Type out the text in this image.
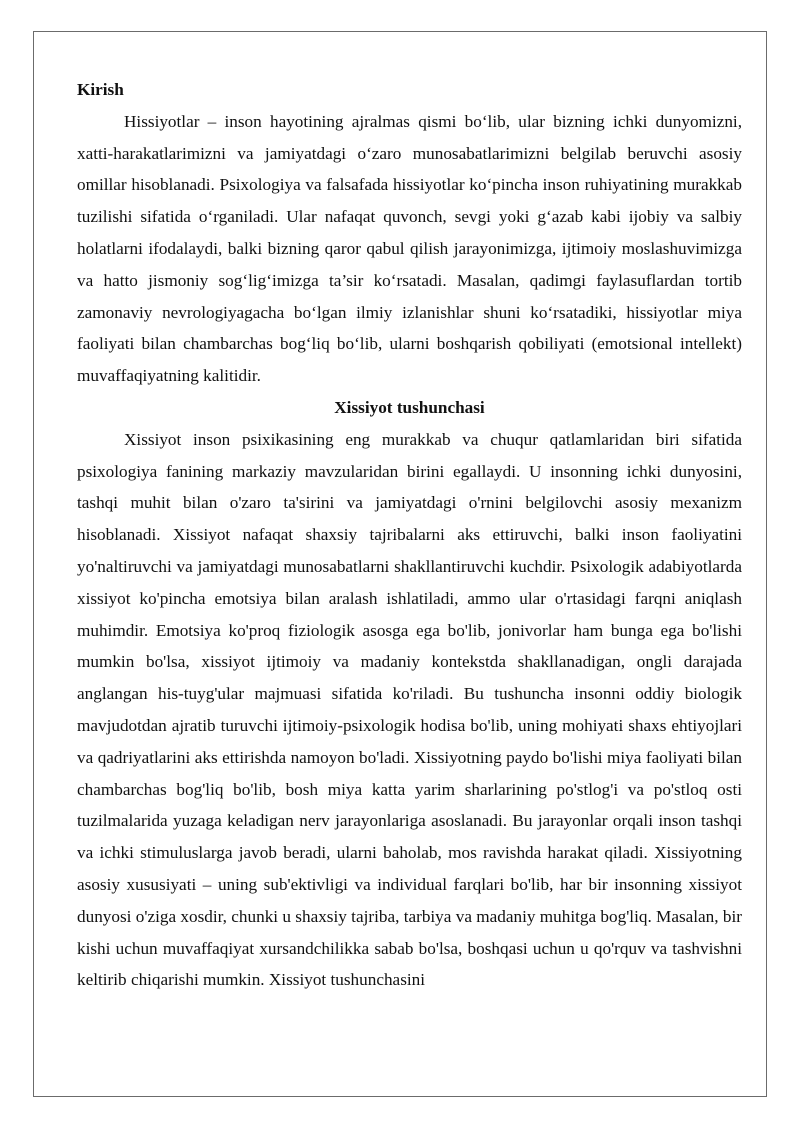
Kirish

Hissiyotlar – inson hayotining ajralmas qismi bo‘lib, ular bizning ichki dunyomizni, xatti-harakatlarimizni va jamiyatdagi o‘zaro munosabatlarimizni belgilab beruvchi asosiy omillar hisoblanadi. Psixologiya va falsafada hissiyotlar ko‘pincha inson ruhiyatining murakkab tuzilishi sifatida o‘rganiladi. Ular nafaqat quvonch, sevgi yoki g‘azab kabi ijobiy va salbiy holatlarni ifodalaydi, balki bizning qaror qabul qilish jarayonimizga, ijtimoiy moslashuvimizga va hatto jismoniy sog‘lig‘imizga ta’sir ko‘rsatadi. Masalan, qadimgi faylasuflardan tortib zamonaviy nevrologiyagacha bo‘lgan ilmiy izlanishlar shuni ko‘rsatadiki, hissiyotlar miya faoliyati bilan chambarchas bog‘liq bo‘lib, ularni boshqarish qobiliyati (emotsional intellekt) muvaffaqiyatning kalitidir.

Xissiyot tushunchasi

Xissiyot inson psixikasining eng murakkab va chuqur qatlamlaridan biri sifatida psixologiya fanining markaziy mavzularidan birini egallaydi. U insonning ichki dunyosini, tashqi muhit bilan o'zaro ta'sirini va jamiyatdagi o'rnini belgilovchi asosiy mexanizm hisoblanadi. Xissiyot nafaqat shaxsiy tajribalarni aks ettiruvchi, balki inson faoliyatini yo'naltiruvchi va jamiyatdagi munosabatlarni shakllantiruvchi kuchdir. Psixologik adabiyotlarda xissiyot ko'pincha emotsiya bilan aralash ishlatiladi, ammo ular o'rtasidagi farqni aniqlash muhimdir. Emotsiya ko'proq fiziologik asosga ega bo'lib, jonivorlar ham bunga ega bo'lishi mumkin bo'lsa, xissiyot ijtimoiy va madaniy kontekstda shakllanadigan, ongli darajada anglangan his-tuyg'ular majmuasi sifatida ko'riladi. Bu tushuncha insonni oddiy biologik mavjudotdan ajratib turuvchi ijtimoiy-psixologik hodisa bo'lib, uning mohiyati shaxs ehtiyojlari va qadriyatlarini aks ettirishda namoyon bo'ladi. Xissiyotning paydo bo'lishi miya faoliyati bilan chambarchas bog'liq bo'lib, bosh miya katta yarim sharlarining po'stlog'i va po'stloq osti tuzilmalarida yuzaga keladigan nerv jarayonlariga asoslanadi. Bu jarayonlar orqali inson tashqi va ichki stimuluslarga javob beradi, ularni baholab, mos ravishda harakat qiladi. Xissiyotning asosiy xususiyati – uning sub'ektivligi va individual farqlari bo'lib, har bir insonning xissiyot dunyosi o'ziga xosdir, chunki u shaxsiy tajriba, tarbiya va madaniy muhitga bog'liq. Masalan, bir kishi uchun muvaffaqiyat xursandchilikka sabab bo'lsa, boshqasi uchun u qo'rquv va tashvishni keltirib chiqarishi mumkin. Xissiyot tushunchasini
